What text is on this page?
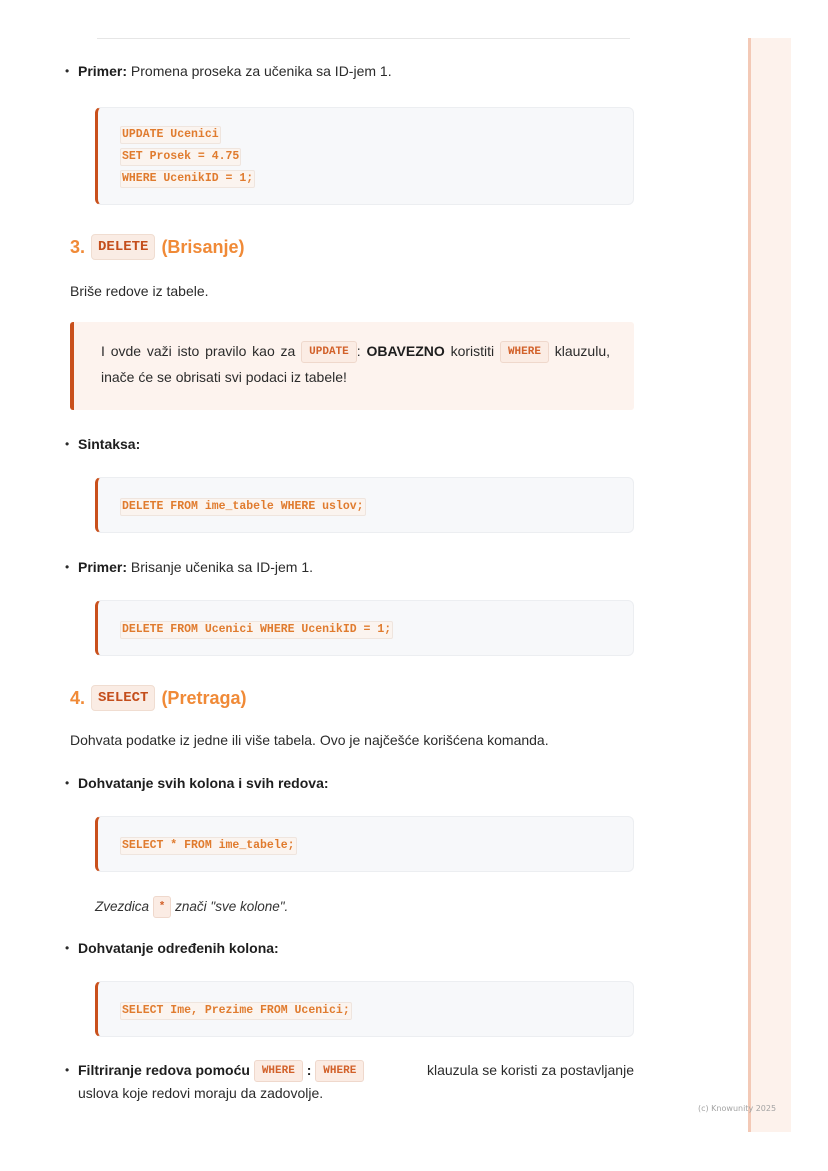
• Primer: Promena proseka za učenika sa ID-jem 1.
UPDATE Ucenici
SET Prosek = 4.75
WHERE UcenikID = 1;
3. DELETE (Brisanje)
Briše redove iz tabele.
I ovde važi isto pravilo kao za UPDATE : OBAVEZNO koristiti WHERE klauzulu, inače će se obrisati svi podaci iz tabele!
• Sintaksa:
DELETE FROM ime_tabele WHERE uslov;
• Primer: Brisanje učenika sa ID-jem 1.
DELETE FROM Ucenici WHERE UcenikID = 1;
4. SELECT (Pretraga)
Dohvata podatke iz jedne ili više tabela. Ovo je najčešće korišćena komanda.
• Dohvatanje svih kolona i svih redova:
SELECT * FROM ime_tabele;
Zvezdica * znači "sve kolone".
• Dohvatanje određenih kolona:
SELECT Ime, Prezime FROM Ucenici;
• Filtriranje redova pomoću WHERE : WHERE	klauzula se koristi za postavljanje
uslova koje redovi moraju da zadovolje.
(c) Knowunity 2025
